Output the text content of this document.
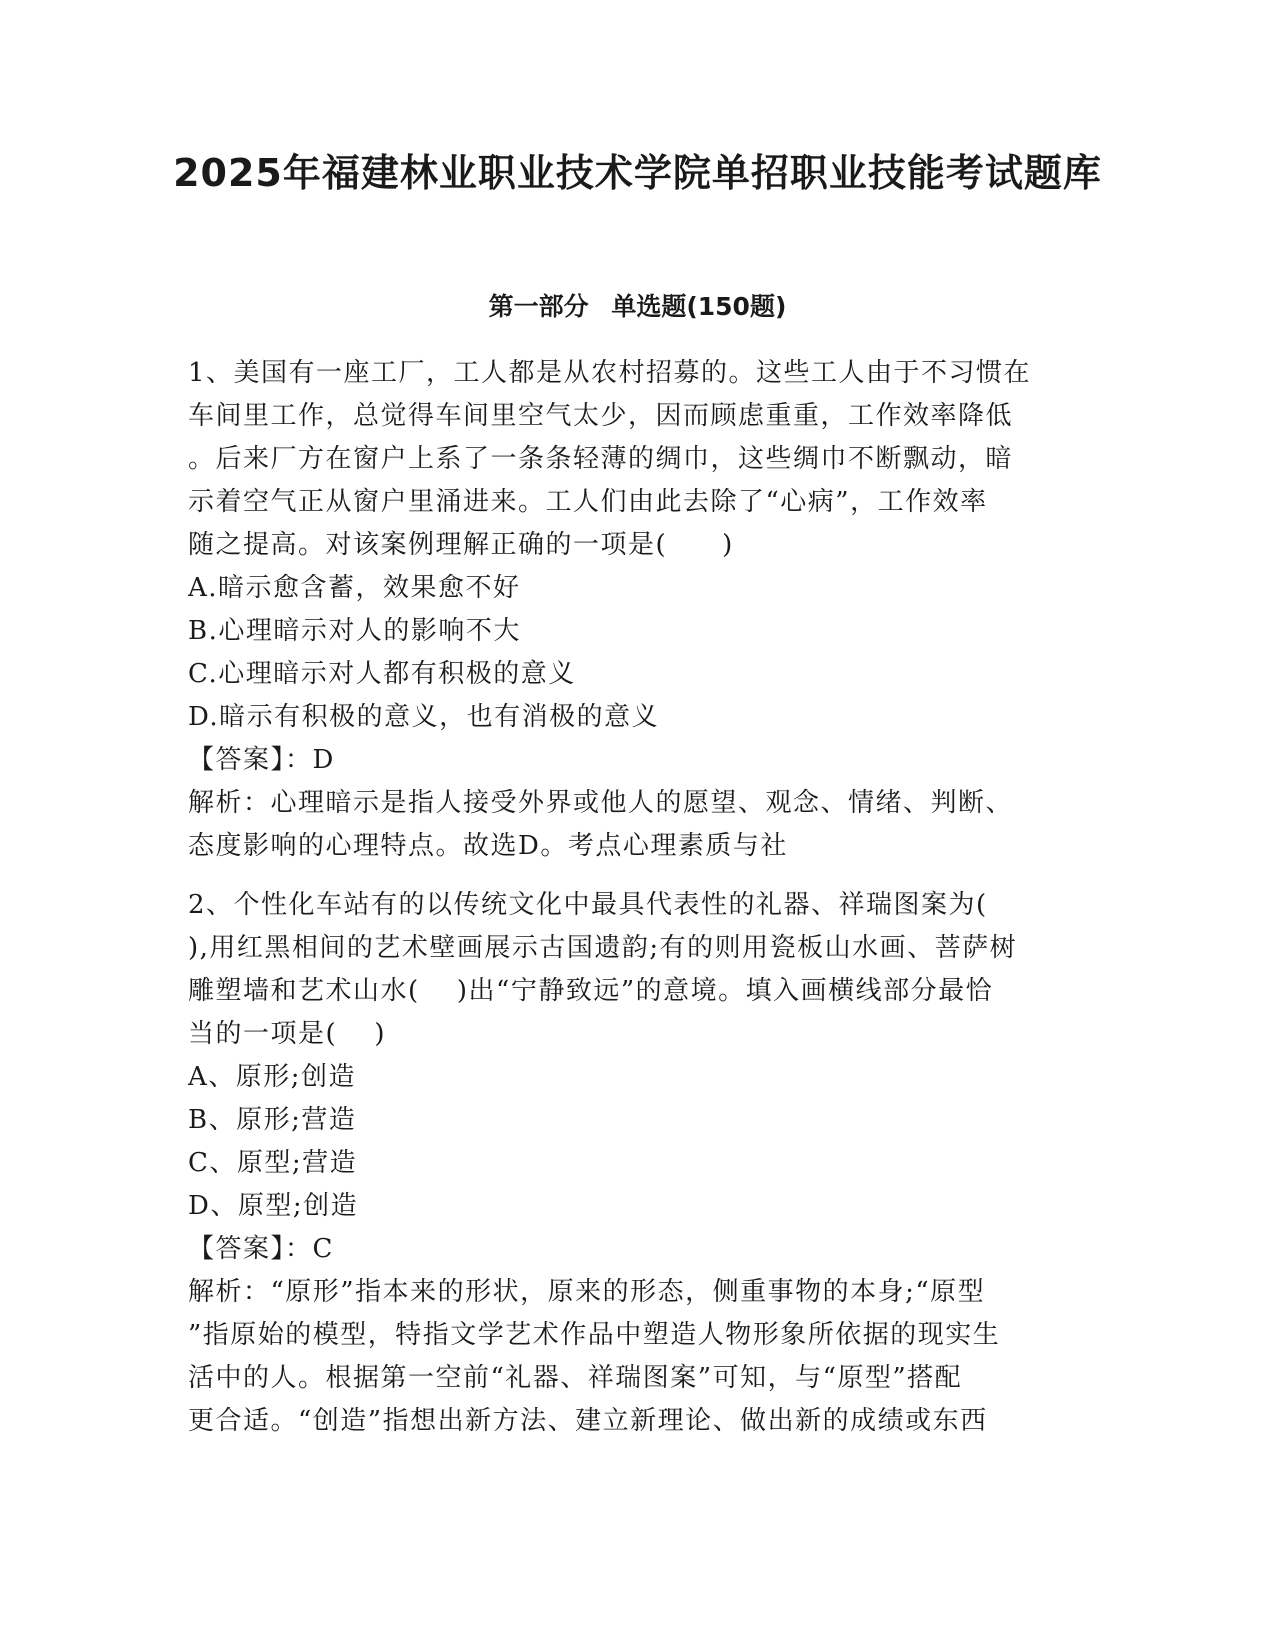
2025年福建林业职业技术学院单招职业技能考试题库
第一部分 单选题(150题)
1、美国有一座工厂，工人都是从农村招募的。这些工人由于不习惯在
车间里工作，总觉得车间里空气太少，因而顾虑重重，工作效率降低
。后来厂方在窗户上系了一条条轻薄的绸巾，这些绸巾不断飘动，暗
示着空气正从窗户里涌进来。工人们由此去除了“心病”，工作效率
随之提高。对该案例理解正确的一项是(　　)
A.暗示愈含蓄，效果愈不好
B.心理暗示对人的影响不大
C.心理暗示对人都有积极的意义
D.暗示有积极的意义，也有消极的意义
【答案】：D
解析：心理暗示是指人接受外界或他人的愿望、观念、情绪、判断、
态度影响的心理特点。故选D。考点心理素质与社
2、个性化车站有的以传统文化中最具代表性的礼器、祥瑞图案为(
),用红黑相间的艺术壁画展示古国遗韵;有的则用瓷板山水画、菩萨树
雕塑墙和艺术山水(　 )出“宁静致远”的意境。填入画横线部分最恰
当的一项是(　 )
A、原形;创造
B、原形;营造
C、原型;营造
D、原型;创造
【答案】：C
解析：“原形”指本来的形状，原来的形态，侧重事物的本身;“原型
”指原始的模型，特指文学艺术作品中塑造人物形象所依据的现实生
活中的人。根据第一空前“礼器、祥瑞图案”可知，与“原型”搭配
更合适。“创造”指想出新方法、建立新理论、做出新的成绩或东西
